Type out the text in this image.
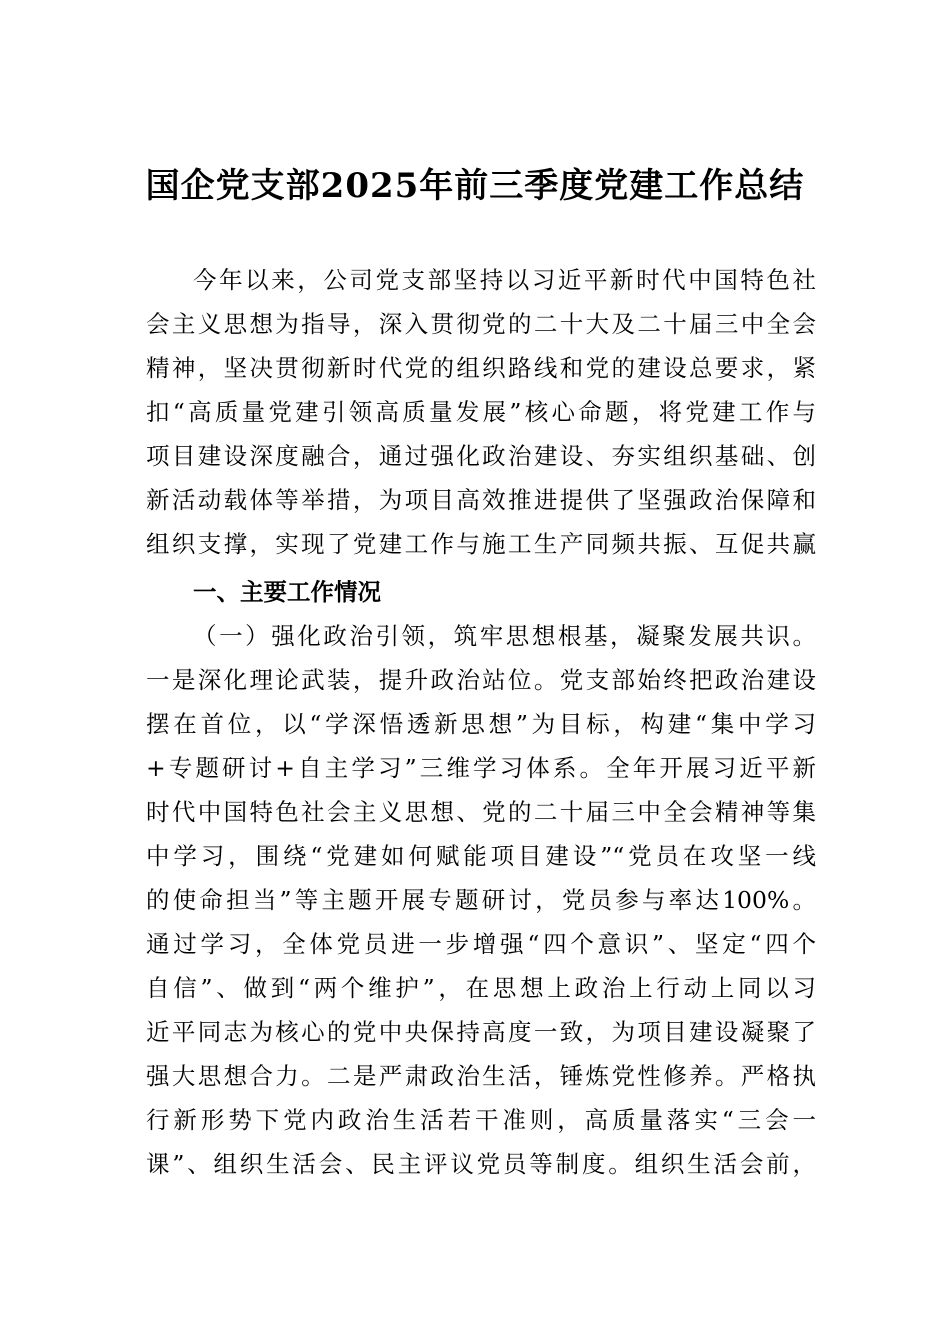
国企党支部2025年前三季度党建工作总结
今年以来，公司党支部坚持以习近平新时代中国特色社
会主义思想为指导，深入贯彻党的二十大及二十届三中全会
精神，坚决贯彻新时代党的组织路线和党的建设总要求，紧
扣“高质量党建引领高质量发展”核心命题，将党建工作与
项目建设深度融合，通过强化政治建设、夯实组织基础、创
新活动载体等举措，为项目高效推进提供了坚强政治保障和
组织支撑，实现了党建工作与施工生产同频共振、互促共赢
一、主要工作情况
（一）强化政治引领，筑牢思想根基，凝聚发展共识。
一是深化理论武装，提升政治站位。党支部始终把政治建设
摆在首位，以“学深悟透新思想”为目标，构建“集中学习
+专题研讨+自主学习”三维学习体系。全年开展习近平新
时代中国特色社会主义思想、党的二十届三中全会精神等集
中学习，围绕“党建如何赋能项目建设”“党员在攻坚一线
的使命担当”等主题开展专题研讨，党员参与率达100%。
通过学习，全体党员进一步增强“四个意识”、坚定“四个
自信”、做到“两个维护”，在思想上政治上行动上同以习
近平同志为核心的党中央保持高度一致，为项目建设凝聚了
强大思想合力。二是严肃政治生活，锤炼党性修养。严格执
行新形势下党内政治生活若干准则，高质量落实“三会一
课”、组织生活会、民主评议党员等制度。组织生活会前，
